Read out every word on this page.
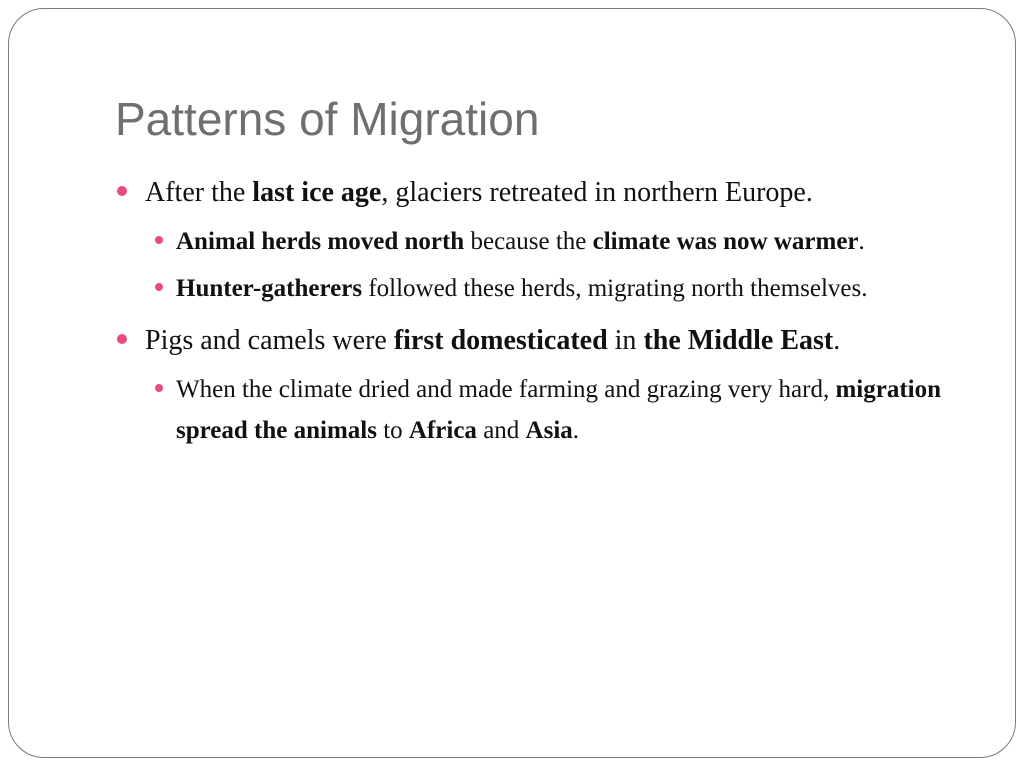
Patterns of Migration

After the last ice age, glaciers retreated in northern Europe.

Animal herds moved north because the climate was now warmer.

Hunter-gatherers followed these herds, migrating north themselves.

Pigs and camels were first domesticated in the Middle East.

When the climate dried and made farming and grazing very hard, migration spread the animals to Africa and Asia.
